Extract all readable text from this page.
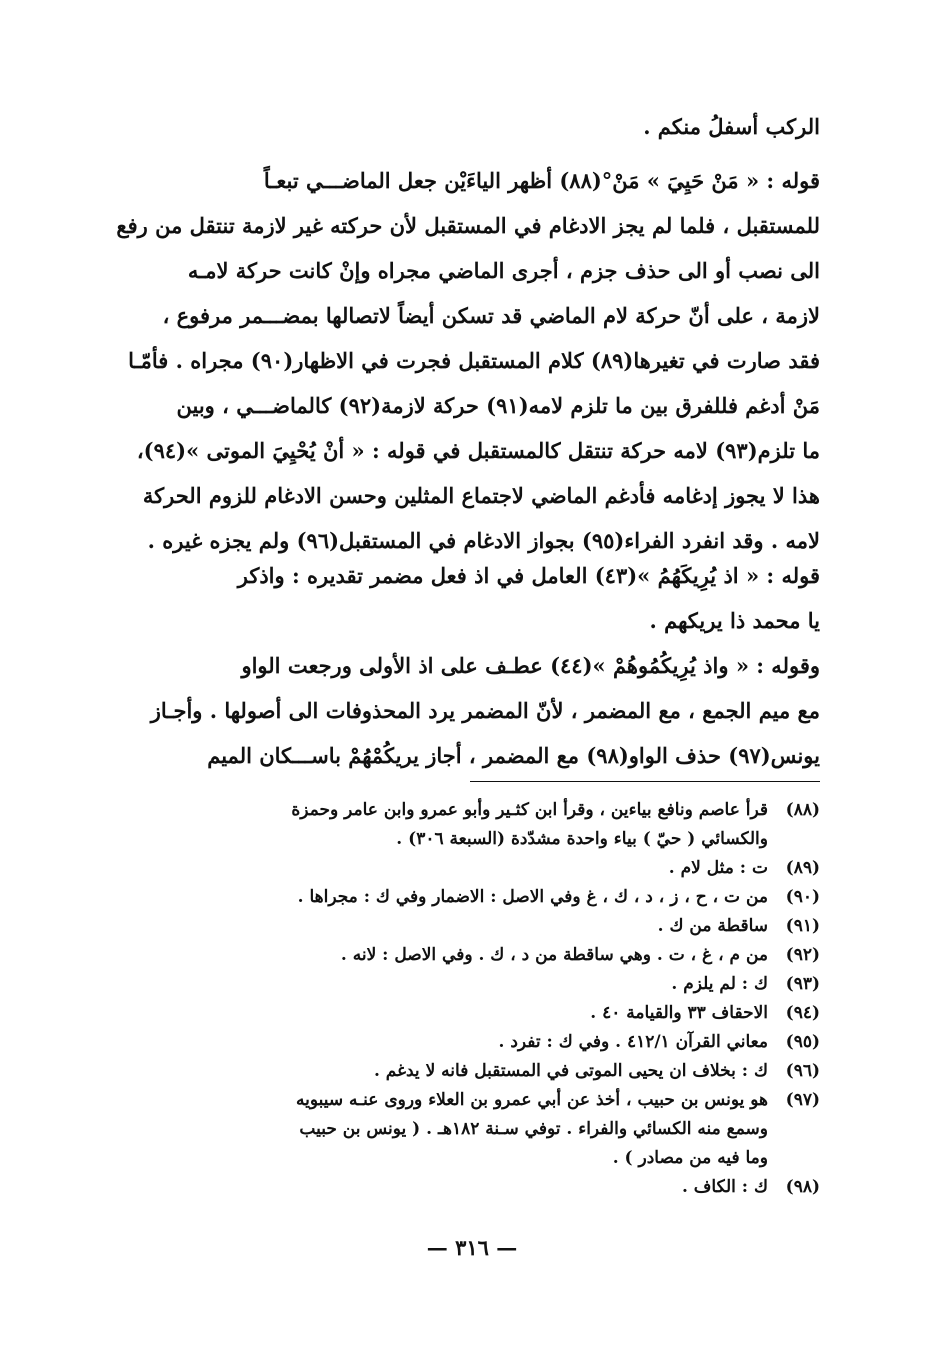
الركب أسفلُ منكم .
قوله : « مَنْ حَيِيَ » مَنْ°(٨٨) أظهر الياءَيْن جعل الماضـــي تبعـاً
للمستقبل ، فلما لم يجز الادغام في المستقبل لأن حركته غير لازمة تنتقل من رفع
الى نصب أو الى حذف جزم ، أجرى الماضي مجراه وإنْ كانت حركة لامـه
لازمة ، على أنّ حركة لام الماضي قد تسكن أيضاً لاتصالها بمضـــمر مرفوع ،
فقد صارت في تغيرها(٨٩) كلام المستقبل فجرت في الاظهار(٩٠) مجراه . فأمّـا
مَنْ أدغم فللفرق بين ما تلزم لامه(٩١) حركة لازمة(٩٢) كالماضـــي ، وبين
ما تلزم(٩٣) لامه حركة تنتقل كالمستقبل في قوله : « أنْ يُحْيِيَ الموتى »(٩٤)،
هذا لا يجوز إدغامه فأدغم الماضي لاجتماع المثلين وحسن الادغام للزوم الحركة
لامه . وقد انفرد الفراء(٩٥) بجواز الادغام في المستقبل(٩٦) ولم يجزه غيره .
قوله : « اذ يُرِيكَهُمُ »(٤٣) العامل في اذ فعل مضمر تقديره : واذكر
يا محمد ذا يريكهم .
وقوله : « واذ يُرِيكُمُوهُمْ »(٤٤) عطـف على اذ الأولى ورجعت الواو
مع ميم الجمع ، مع المضمر ، لأنّ المضمر يرد المحذوفات الى أصولها . وأجـاز
يونس(٩٧) حذف الواو(٩٨) مع المضمر ، أجاز يريكُمْهُمْ باســـكان الميم
(٨٨)
قرأ عاصم ونافع بياءين ، وقرأ ابن كثـير وأبو عمرو وابن عامر وحمزة
والكسائي ( حيّ ) بياء واحدة مشدّدة (السبعة ٣٠٦) .
(٨٩)
ت : مثل لام .
(٩٠)
من ت ، ح ، ز ، د ، ك ، غ وفي الاصل : الاضمار وفي ك : مجراها .
(٩١)
ساقطة من ك .
(٩٢)
من م ، غ ، ت . وهي ساقطة من د ، ك . وفي الاصل : لانه .
(٩٣)
ك : لم يلزم .
(٩٤)
الاحقاف ٣٣ والقيامة ٤٠ .
(٩٥)
معاني القرآن ٤١٢/١ . وفي ك : تفرد .
(٩٦)
ك : بخلاف ان يحيى الموتى في المستقبل فانه لا يدغم .
(٩٧)
هو يونس بن حبيب ، أخذ عن أبي عمرو بن العلاء وروى عنـه سيبويه
وسمع منه الكسائي والفراء . توفي سـنة ١٨٢هـ . ( يونس بن حبيب
وما فيه من مصادر ) .
(٩٨)
ك : الكاف .
— ٣١٦ —
